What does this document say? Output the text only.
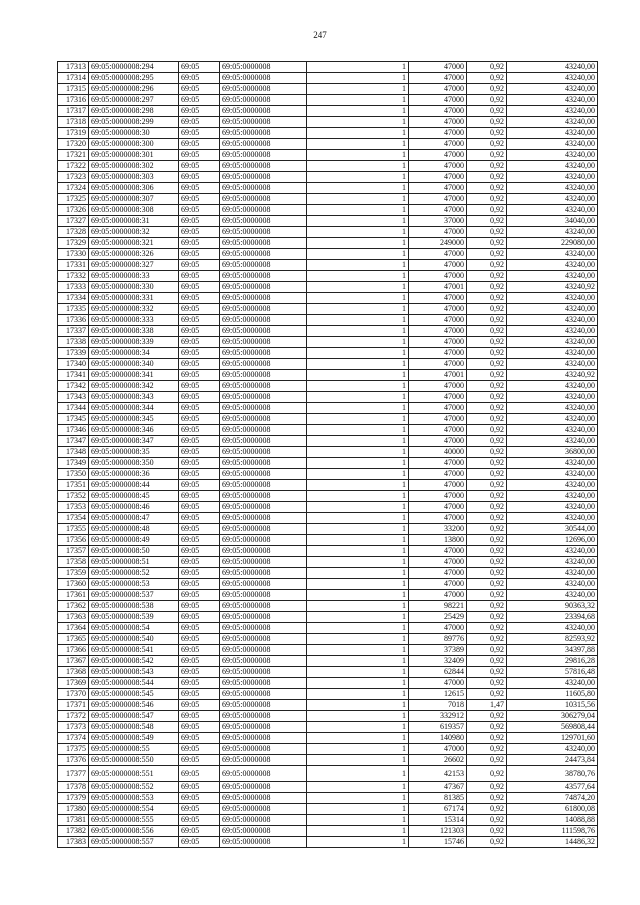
247
17313	69:05:0000008:294	69:05	69:05:0000008	1	47000	0,92	43240,00
17314	69:05:0000008:295	69:05	69:05:0000008	1	47000	0,92	43240,00
17315	69:05:0000008:296	69:05	69:05:0000008	1	47000	0,92	43240,00
17316	69:05:0000008:297	69:05	69:05:0000008	1	47000	0,92	43240,00
17317	69:05:0000008:298	69:05	69:05:0000008	1	47000	0,92	43240,00
17318	69:05:0000008:299	69:05	69:05:0000008	1	47000	0,92	43240,00
17319	69:05:0000008:30	69:05	69:05:0000008	1	47000	0,92	43240,00
17320	69:05:0000008:300	69:05	69:05:0000008	1	47000	0,92	43240,00
17321	69:05:0000008:301	69:05	69:05:0000008	1	47000	0,92	43240,00
17322	69:05:0000008:302	69:05	69:05:0000008	1	47000	0,92	43240,00
17323	69:05:0000008:303	69:05	69:05:0000008	1	47000	0,92	43240,00
17324	69:05:0000008:306	69:05	69:05:0000008	1	47000	0,92	43240,00
17325	69:05:0000008:307	69:05	69:05:0000008	1	47000	0,92	43240,00
17326	69:05:0000008:308	69:05	69:05:0000008	1	47000	0,92	43240,00
17327	69:05:0000008:31	69:05	69:05:0000008	1	37000	0,92	34040,00
17328	69:05:0000008:32	69:05	69:05:0000008	1	47000	0,92	43240,00
17329	69:05:0000008:321	69:05	69:05:0000008	1	249000	0,92	229080,00
17330	69:05:0000008:326	69:05	69:05:0000008	1	47000	0,92	43240,00
17331	69:05:0000008:327	69:05	69:05:0000008	1	47000	0,92	43240,00
17332	69:05:0000008:33	69:05	69:05:0000008	1	47000	0,92	43240,00
17333	69:05:0000008:330	69:05	69:05:0000008	1	47001	0,92	43240,92
17334	69:05:0000008:331	69:05	69:05:0000008	1	47000	0,92	43240,00
17335	69:05:0000008:332	69:05	69:05:0000008	1	47000	0,92	43240,00
17336	69:05:0000008:333	69:05	69:05:0000008	1	47000	0,92	43240,00
17337	69:05:0000008:338	69:05	69:05:0000008	1	47000	0,92	43240,00
17338	69:05:0000008:339	69:05	69:05:0000008	1	47000	0,92	43240,00
17339	69:05:0000008:34	69:05	69:05:0000008	1	47000	0,92	43240,00
17340	69:05:0000008:340	69:05	69:05:0000008	1	47000	0,92	43240,00
17341	69:05:0000008:341	69:05	69:05:0000008	1	47001	0,92	43240,92
17342	69:05:0000008:342	69:05	69:05:0000008	1	47000	0,92	43240,00
17343	69:05:0000008:343	69:05	69:05:0000008	1	47000	0,92	43240,00
17344	69:05:0000008:344	69:05	69:05:0000008	1	47000	0,92	43240,00
17345	69:05:0000008:345	69:05	69:05:0000008	1	47000	0,92	43240,00
17346	69:05:0000008:346	69:05	69:05:0000008	1	47000	0,92	43240,00
17347	69:05:0000008:347	69:05	69:05:0000008	1	47000	0,92	43240,00
17348	69:05:0000008:35	69:05	69:05:0000008	1	40000	0,92	36800,00
17349	69:05:0000008:350	69:05	69:05:0000008	1	47000	0,92	43240,00
17350	69:05:0000008:36	69:05	69:05:0000008	1	47000	0,92	43240,00
17351	69:05:0000008:44	69:05	69:05:0000008	1	47000	0,92	43240,00
17352	69:05:0000008:45	69:05	69:05:0000008	1	47000	0,92	43240,00
17353	69:05:0000008:46	69:05	69:05:0000008	1	47000	0,92	43240,00
17354	69:05:0000008:47	69:05	69:05:0000008	1	47000	0,92	43240,00
17355	69:05:0000008:48	69:05	69:05:0000008	1	33200	0,92	30544,00
17356	69:05:0000008:49	69:05	69:05:0000008	1	13800	0,92	12696,00
17357	69:05:0000008:50	69:05	69:05:0000008	1	47000	0,92	43240,00
17358	69:05:0000008:51	69:05	69:05:0000008	1	47000	0,92	43240,00
17359	69:05:0000008:52	69:05	69:05:0000008	1	47000	0,92	43240,00
17360	69:05:0000008:53	69:05	69:05:0000008	1	47000	0,92	43240,00
17361	69:05:0000008:537	69:05	69:05:0000008	1	47000	0,92	43240,00
17362	69:05:0000008:538	69:05	69:05:0000008	1	98221	0,92	90363,32
17363	69:05:0000008:539	69:05	69:05:0000008	1	25429	0,92	23394,68
17364	69:05:0000008:54	69:05	69:05:0000008	1	47000	0,92	43240,00
17365	69:05:0000008:540	69:05	69:05:0000008	1	89776	0,92	82593,92
17366	69:05:0000008:541	69:05	69:05:0000008	1	37389	0,92	34397,88
17367	69:05:0000008:542	69:05	69:05:0000008	1	32409	0,92	29816,28
17368	69:05:0000008:543	69:05	69:05:0000008	1	62844	0,92	57816,48
17369	69:05:0000008:544	69:05	69:05:0000008	1	47000	0,92	43240,00
17370	69:05:0000008:545	69:05	69:05:0000008	1	12615	0,92	11605,80
17371	69:05:0000008:546	69:05	69:05:0000008	1	7018	1,47	10315,56
17372	69:05:0000008:547	69:05	69:05:0000008	1	332912	0,92	306279,04
17373	69:05:0000008:548	69:05	69:05:0000008	1	619357	0,92	569808,44
17374	69:05:0000008:549	69:05	69:05:0000008	1	140980	0,92	129701,60
17375	69:05:0000008:55	69:05	69:05:0000008	1	47000	0,92	43240,00
17376	69:05:0000008:550	69:05	69:05:0000008	1	26602	0,92	24473,84
17377	69:05:0000008:551	69:05	69:05:0000008	1	42153	0,92	38780,76
17378	69:05:0000008:552	69:05	69:05:0000008	1	47367	0,92	43577,64
17379	69:05:0000008:553	69:05	69:05:0000008	1	81385	0,92	74874,20
17380	69:05:0000008:554	69:05	69:05:0000008	1	67174	0,92	61800,08
17381	69:05:0000008:555	69:05	69:05:0000008	1	15314	0,92	14088,88
17382	69:05:0000008:556	69:05	69:05:0000008	1	121303	0,92	111598,76
17383	69:05:0000008:557	69:05	69:05:0000008	1	15746	0,92	14486,32
